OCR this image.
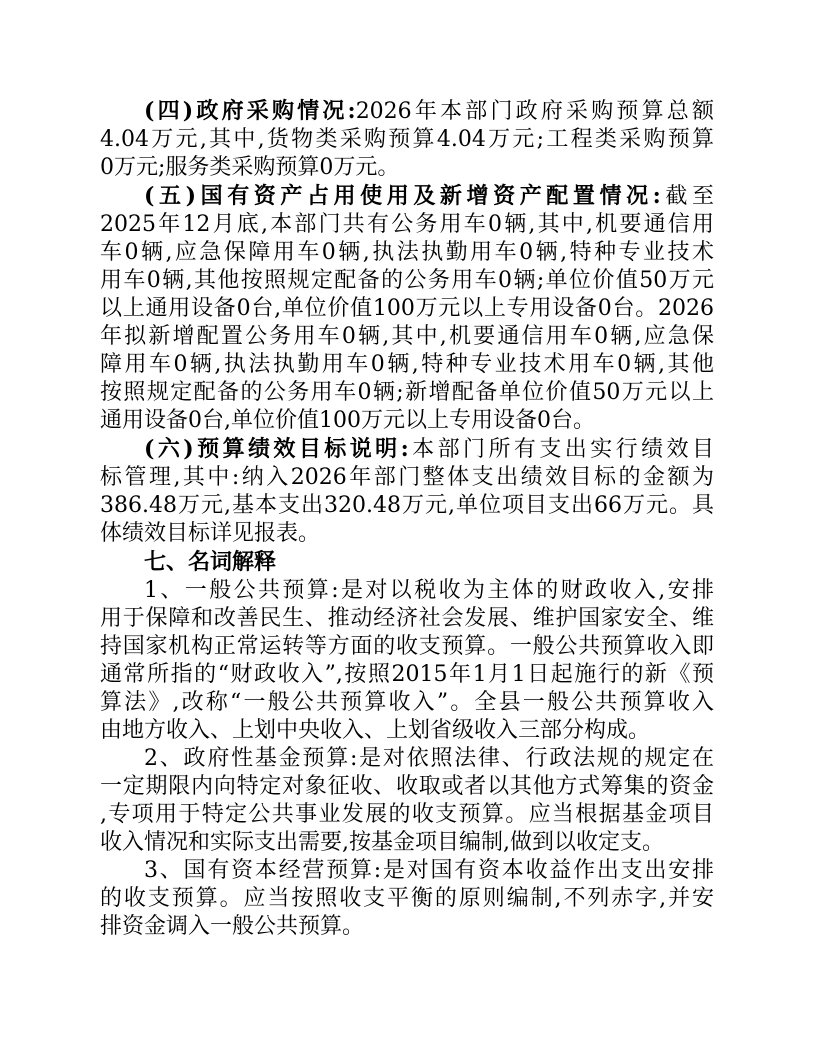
(四)政府采购情况:2026年本部门政府采购预算总额
4.04万元,其中,货物类采购预算4.04万元;工程类采购预算
0万元;服务类采购预算0万元。
(五)国有资产占用使用及新增资产配置情况:截至
2025年12月底,本部门共有公务用车0辆,其中,机要通信用
车0辆,应急保障用车0辆,执法执勤用车0辆,特种专业技术
用车0辆,其他按照规定配备的公务用车0辆;单位价值50万元
以上通用设备0台,单位价值100万元以上专用设备0台。2026
年拟新增配置公务用车0辆,其中,机要通信用车0辆,应急保
障用车0辆,执法执勤用车0辆,特种专业技术用车0辆,其他
按照规定配备的公务用车0辆;新增配备单位价值50万元以上
通用设备0台,单位价值100万元以上专用设备0台。
(六)预算绩效目标说明:本部门所有支出实行绩效目
标管理,其中:纳入2026年部门整体支出绩效目标的金额为
386.48万元,基本支出320.48万元,单位项目支出66万元。具
体绩效目标详见报表。
七、名词解释
1、一般公共预算:是对以税收为主体的财政收入,安排
用于保障和改善民生、推动经济社会发展、维护国家安全、维
持国家机构正常运转等方面的收支预算。一般公共预算收入即
通常所指的“财政收入”,按照2015年1月1日起施行的新《预
算法》,改称“一般公共预算收入”。全县一般公共预算收入
由地方收入、上划中央收入、上划省级收入三部分构成。
2、政府性基金预算:是对依照法律、行政法规的规定在
一定期限内向特定对象征收、收取或者以其他方式筹集的资金
,专项用于特定公共事业发展的收支预算。应当根据基金项目
收入情况和实际支出需要,按基金项目编制,做到以收定支。
3、国有资本经营预算:是对国有资本收益作出支出安排
的收支预算。应当按照收支平衡的原则编制,不列赤字,并安
排资金调入一般公共预算。
